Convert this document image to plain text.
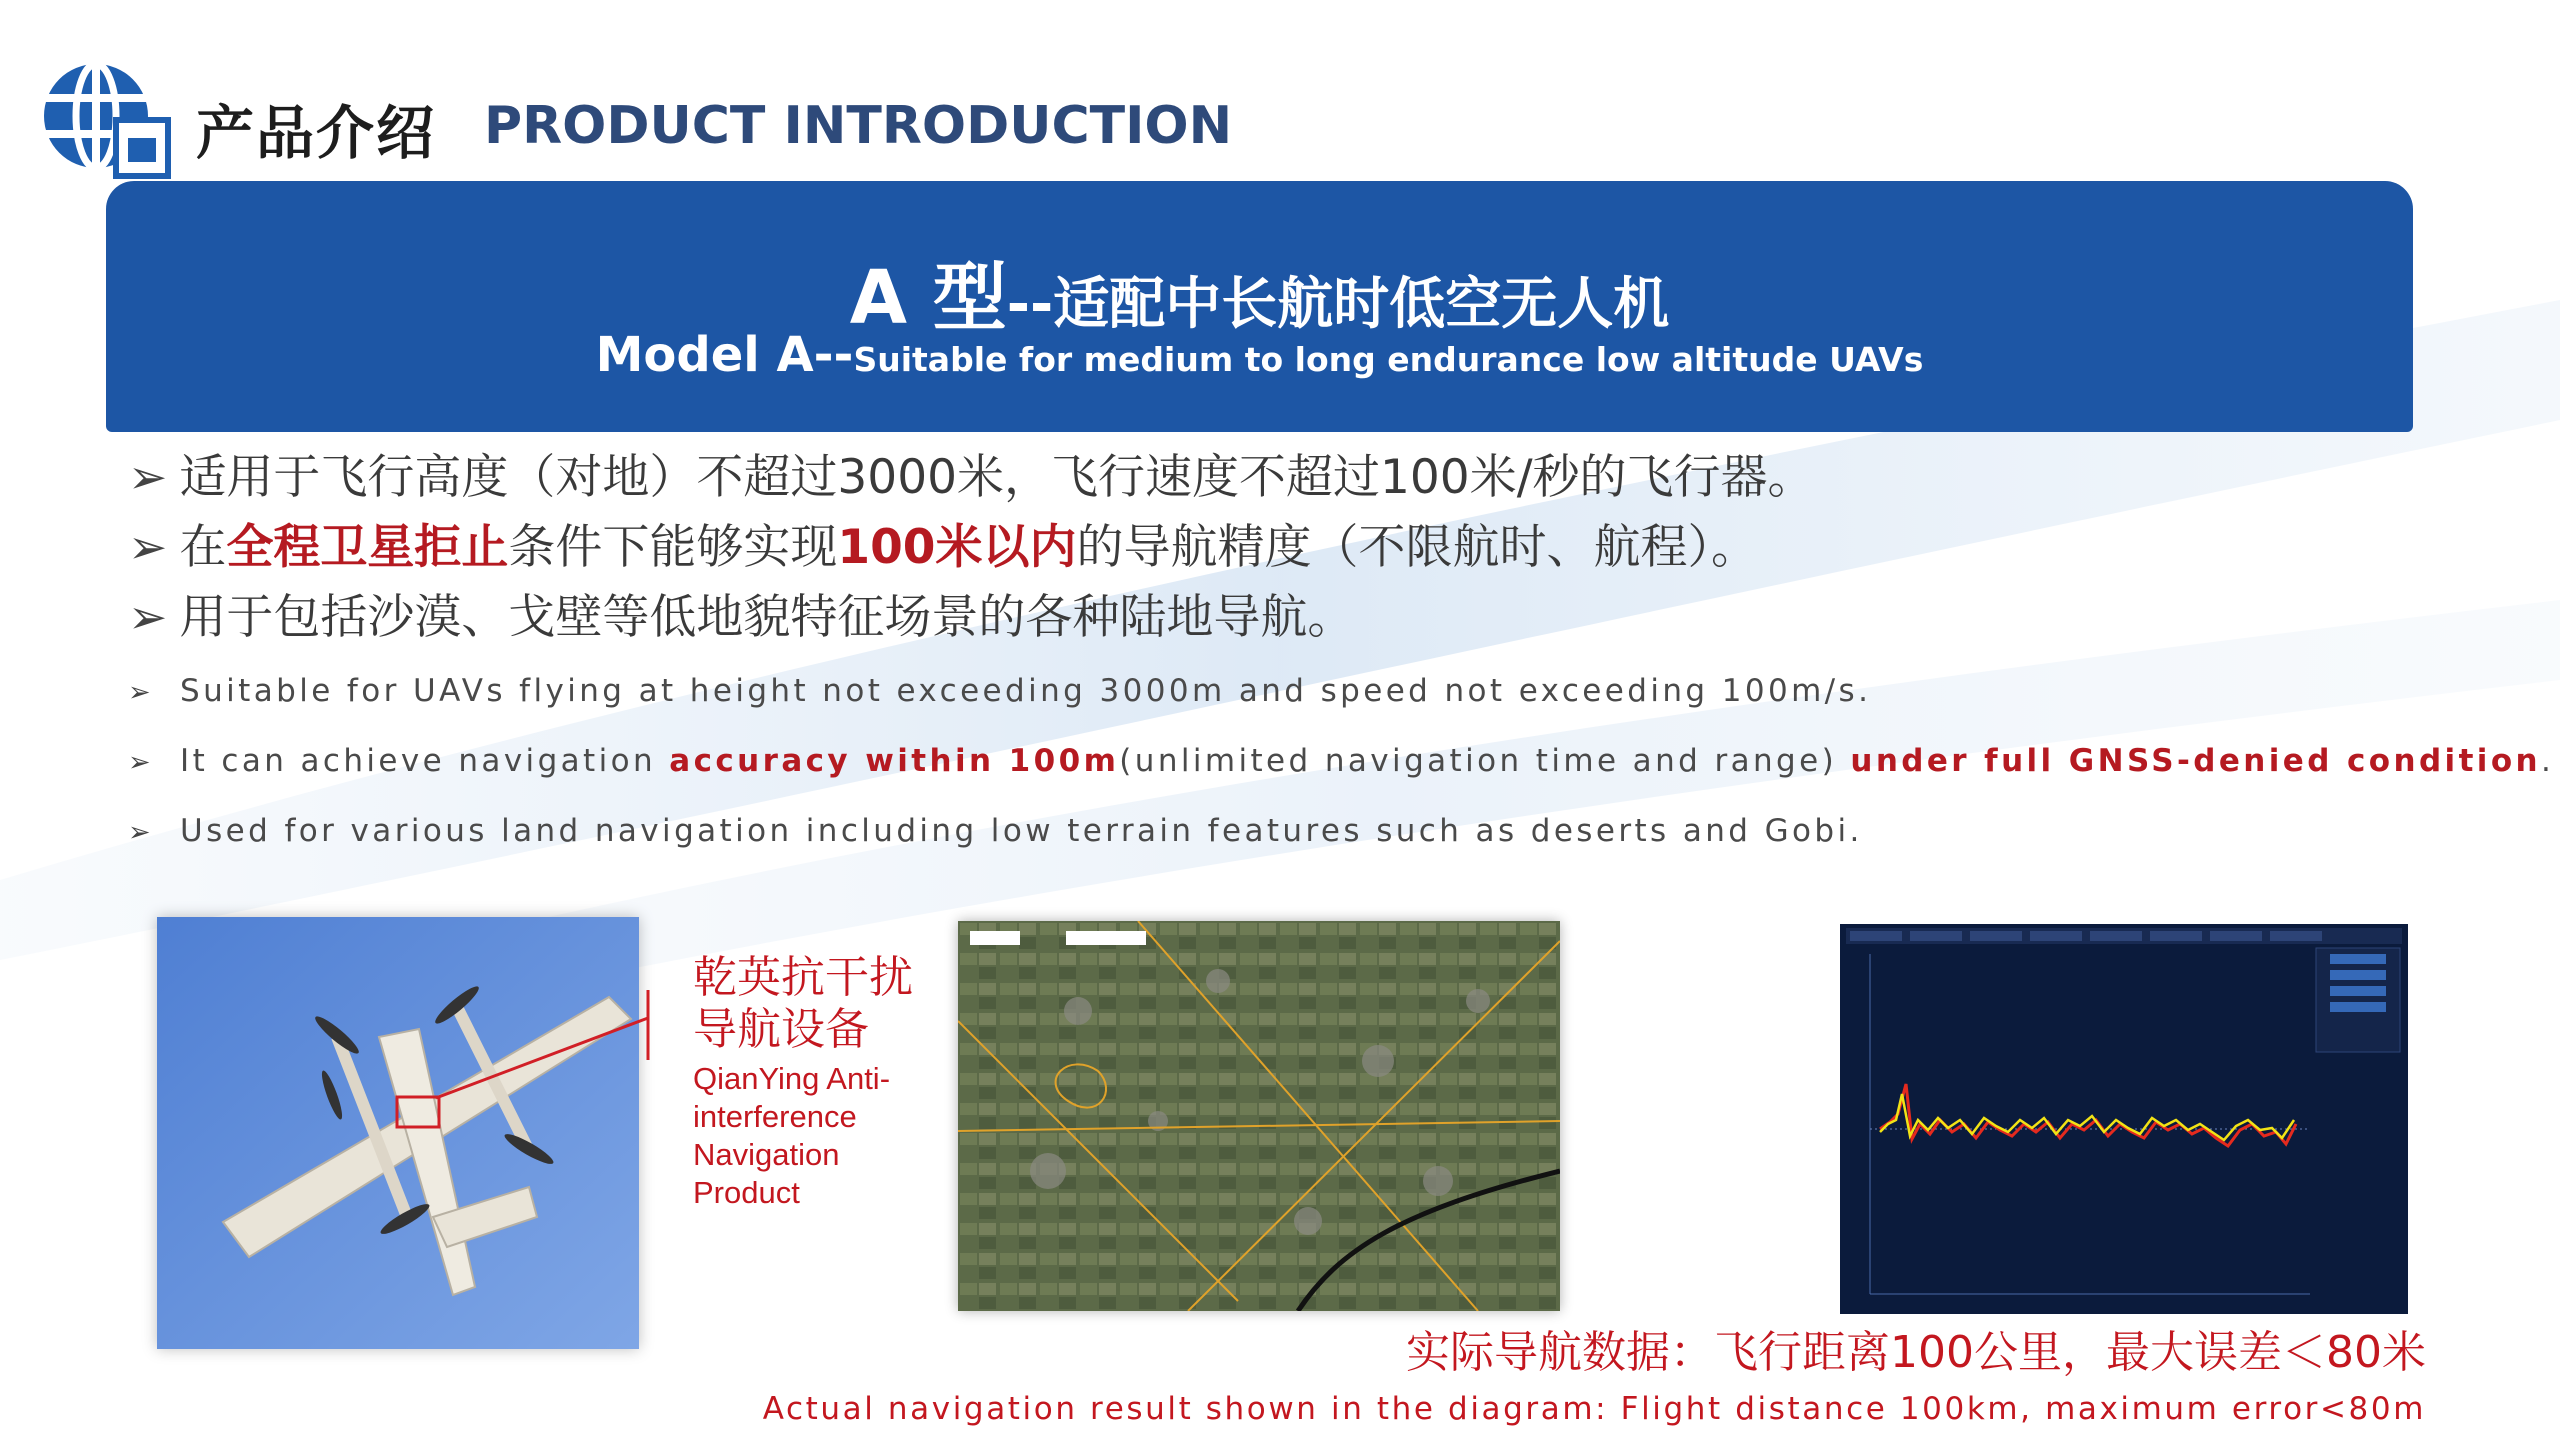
产品介绍 PRODUCT INTRODUCTION
A 型--适配中长航时低空无人机
Model A--Suitable for medium to long endurance low altitude UAVs
➢ 适用于飞行高度（对地）不超过3000米，飞行速度不超过100米/秒的飞行器。
➢ 在全程卫星拒止条件下能够实现100米以内的导航精度（不限航时、航程）。
➢ 用于包括沙漠、戈壁等低地貌特征场景的各种陆地导航。
➢ Suitable for UAVs flying at height not exceeding 3000m and speed not exceeding 100m/s.
➢ It can achieve navigation accuracy within 100m(unlimited navigation time and range) under full GNSS-denied condition.
➢ Used for various land navigation including low terrain features such as deserts and Gobi.
乾英抗干扰
导航设备
QianYing Anti-
interference
Navigation
Product
实际导航数据：飞行距离100公里，最大误差＜80米
Actual navigation result shown in the diagram: Flight distance 100km, maximum error<80m
